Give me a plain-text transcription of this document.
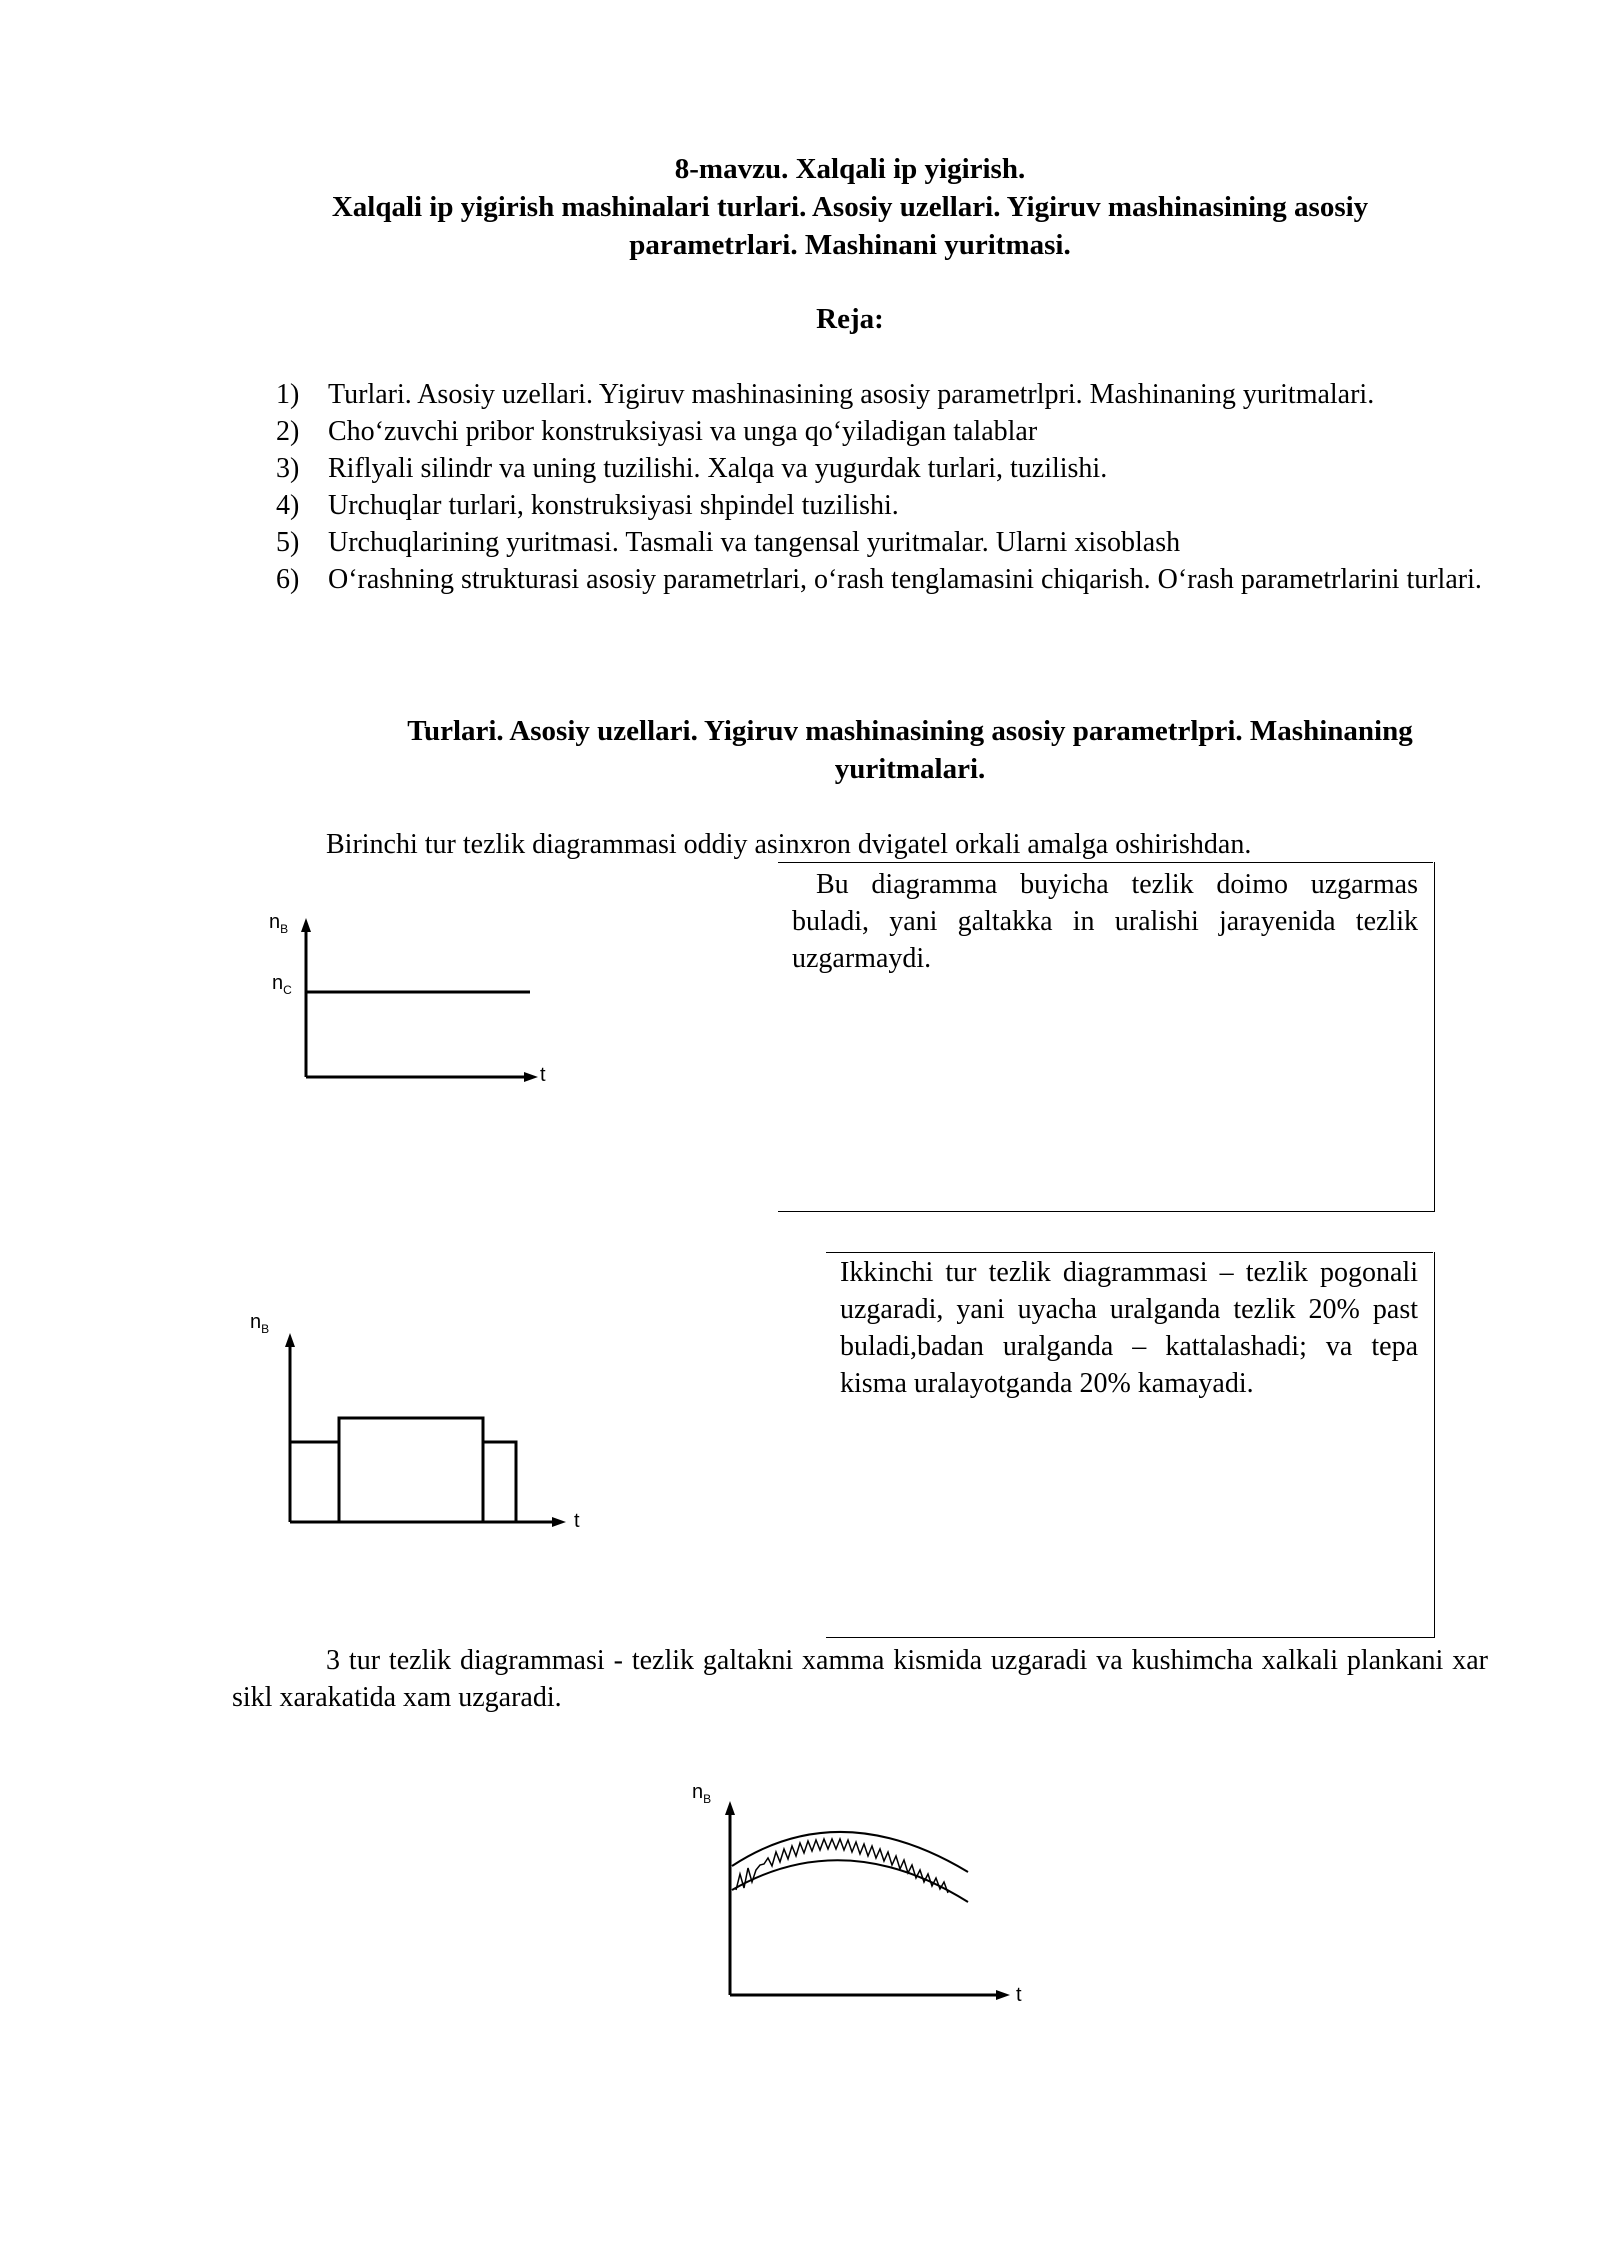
8-mavzu. Xalqali ip yigirish.
Xalqali ip yigirish mashinalari turlari. Asosiy uzellari. Yigiruv mashinasining asosiy
parametrlari. Mashinani yuritmasi.
Reja:
1) Turlari. Asosiy uzellari. Yigiruv mashinasining asosiy parametrlpri. Mashinaning yuritmalari.
2) Cho‘zuvchi pribor konstruksiyasi va unga qo‘yiladigan talablar
3) Riflyali silindr va uning tuzilishi. Xalqa va yugurdak turlari, tuzilishi.
4) Urchuqlar turlari, konstruksiyasi shpindel tuzilishi.
5) Urchuqlarining yuritmasi. Tasmali va tangensal yuritmalar. Ularni xisoblash
6) O‘rashning strukturasi asosiy parametrlari, o‘rash tenglamasini chiqarish. O‘rash parametrlarini turlari.
Turlari. Asosiy uzellari. Yigiruv mashinasining asosiy parametrlpri. Mashinaning
yuritmalari.
Birinchi tur tezlik diagrammasi oddiy asinxron dvigatel orkali amalga oshirishdan.
Bu diagramma buyicha tezlik doimo uzgarmas buladi, yani galtakka in uralishi jarayenida tezlik uzgarmaydi.
$n_B$
$n_C$
t
Ikkinchi tur tezlik diagrammasi – tezlik pogonali uzgaradi, yani uyacha uralganda tezlik 20% past buladi,badan uralganda – kattalashadi; va tepa kisma uralayotganda 20% kamayadi.
$n_B$
t
3 tur tezlik diagrammasi - tezlik galtakni xamma kismida uzgaradi va kushimcha xalkali plankani xar sikl xarakatida xam uzgaradi.
$n_B$
t
